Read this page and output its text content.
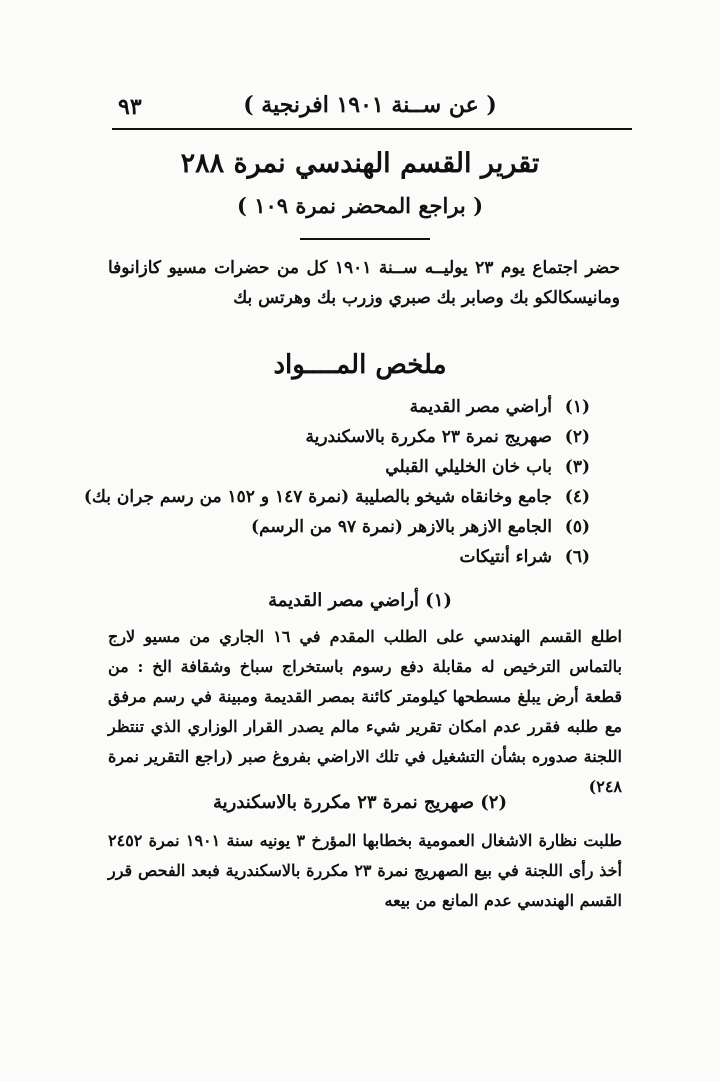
( عن ســنة ١٩٠١ افرنجية )
٩٣
تقرير القسم الهندسي نمرة ٢٨٨
( براجع المحضر نمرة ١٠٩ )
حضر اجتماع يوم ٢٣ يوليــه ســنة ١٩٠١ كل من حضرات مسيو كازانوفا ومانيسكالكو بك وصابر بك صبري وزرب بك وهرتس بك
ملخص المــــواد
(١)أراضي مصر القديمة
(٢)صهريج نمرة ٢٣ مكررة بالاسكندرية
(٣)باب خان الخليلي القبلي
(٤)جامع وخانقاه شيخو بالصليبة (نمرة ١٤٧ و ١٥٢ من رسم جران بك)
(٥)الجامع الازهر بالازهر (نمرة ٩٧ من الرسم)
(٦)شراء أنتيكات
(١) أراضي مصر القديمة
اطلع القسم الهندسي على الطلب المقدم في ١٦ الجاري من مسيو لارج بالتماس الترخيص له مقابلة دفع رسوم باستخراج سباخ وشقافة الخ : من قطعة أرض يبلغ مسطحها كيلومتر كائنة بمصر القديمة ومبينة في رسم مرفق مع طلبه فقرر عدم امكان تقرير شيء مالم يصدر القرار الوزاري الذي تنتظر اللجنة صدوره بشأن التشغيل في تلك الاراضي بفروغ صبر (راجع التقرير نمرة ٢٤٨)
(٢) صهريج نمرة ٢٣ مكررة بالاسكندرية
طلبت نظارة الاشغال العمومية بخطابها المؤرخ ٣ يونيه سنة ١٩٠١ نمرة ٢٤٥٢ أخذ رأى اللجنة في بيع الصهريج نمرة ٢٣ مكررة بالاسكندرية فبعد الفحص قرر القسم الهندسي عدم المانع من بيعه
